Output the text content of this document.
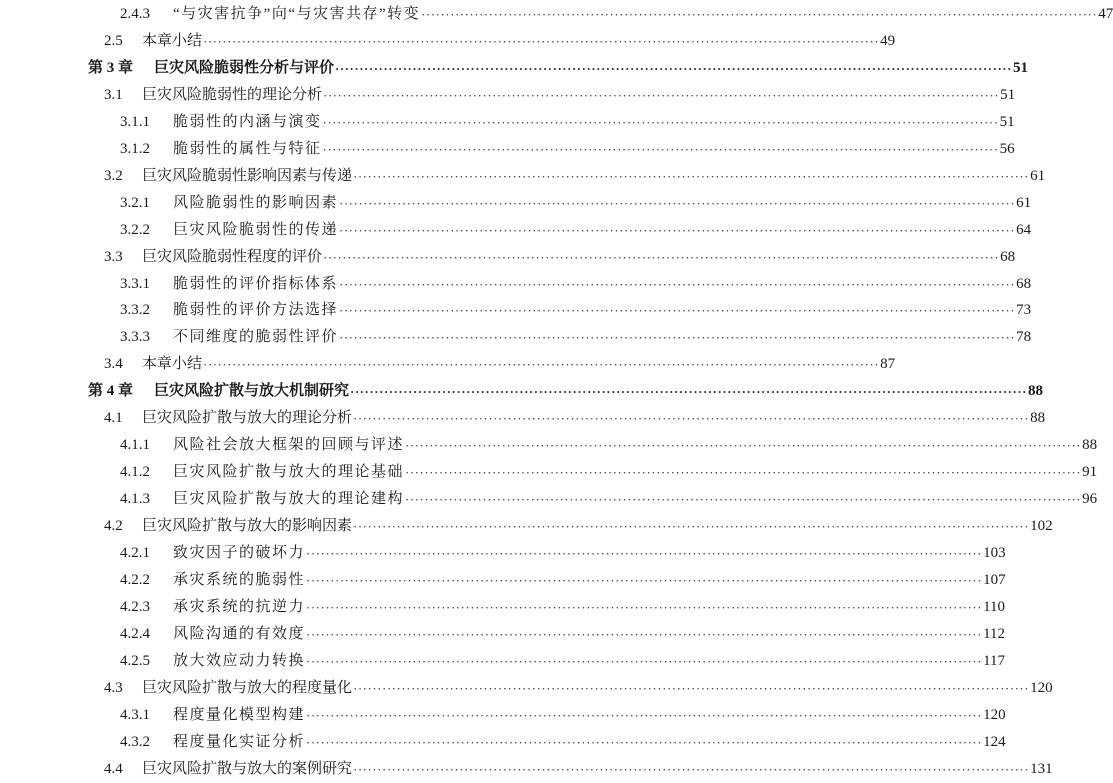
2.4.3	“与灾害抗争”向“与灾害共存”转变 ············································································································································ 47
2.5	本章小结 ············································································································································ 49
第 3 章	巨灾风险脆弱性分析与评价 ············································································································································ 51
3.1	巨灾风险脆弱性的理论分析 ············································································································································ 51
3.1.1	脆弱性的内涵与演变 ············································································································································ 51
3.1.2	脆弱性的属性与特征 ············································································································································ 56
3.2	巨灾风险脆弱性影响因素与传递 ············································································································································ 61
3.2.1	风险脆弱性的影响因素 ············································································································································ 61
3.2.2	巨灾风险脆弱性的传递 ············································································································································ 64
3.3	巨灾风险脆弱性程度的评价 ············································································································································ 68
3.3.1	脆弱性的评价指标体系 ············································································································································ 68
3.3.2	脆弱性的评价方法选择 ············································································································································ 73
3.3.3	不同维度的脆弱性评价 ············································································································································ 78
3.4	本章小结 ············································································································································ 87
第 4 章	巨灾风险扩散与放大机制研究 ············································································································································ 88
4.1	巨灾风险扩散与放大的理论分析 ············································································································································ 88
4.1.1	风险社会放大框架的回顾与评述 ············································································································································ 88
4.1.2	巨灾风险扩散与放大的理论基础 ············································································································································ 91
4.1.3	巨灾风险扩散与放大的理论建构 ············································································································································ 96
4.2	巨灾风险扩散与放大的影响因素 ············································································································································ 102
4.2.1	致灾因子的破坏力 ············································································································································ 103
4.2.2	承灾系统的脆弱性 ············································································································································ 107
4.2.3	承灾系统的抗逆力 ············································································································································ 110
4.2.4	风险沟通的有效度 ············································································································································ 112
4.2.5	放大效应动力转换 ············································································································································ 117
4.3	巨灾风险扩散与放大的程度量化 ············································································································································ 120
4.3.1	程度量化模型构建 ············································································································································ 120
4.3.2	程度量化实证分析 ············································································································································ 124
4.4	巨灾风险扩散与放大的案例研究 ············································································································································ 131
